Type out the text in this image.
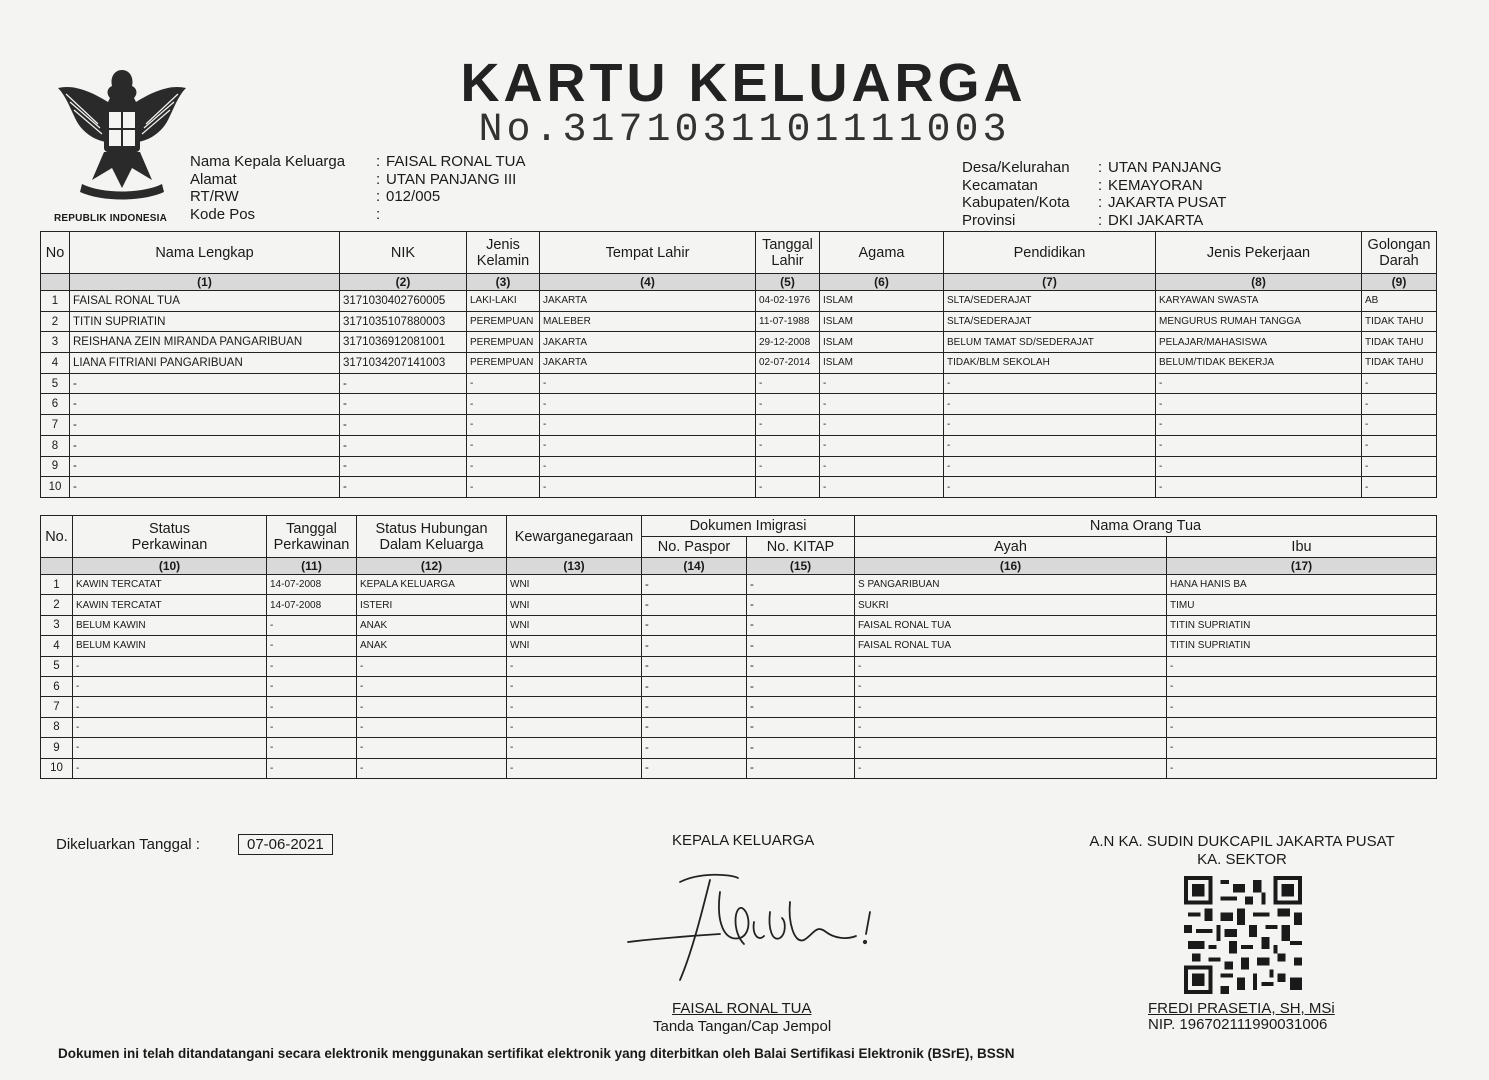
REPUBLIK INDONESIA
KARTU KELUARGA
No.3171031101111003
Nama Kepala Keluarga	: FAISAL RONAL TUA
Alamat	: UTAN PANJANG III
RT/RW	: 012/005
Kode Pos	:
Desa/Kelurahan	: UTAN PANJANG
Kecamatan	: KEMAYORAN
Kabupaten/Kota	: JAKARTA PUSAT
Provinsi	: DKI JAKARTA
No	Nama Lengkap	NIK	Jenis Kelamin	Tempat Lahir	Tanggal Lahir	Agama	Pendidikan	Jenis Pekerjaan	Golongan Darah
	(1)	(2)	(3)	(4)	(5)	(6)	(7)	(8)	(9)
1	FAISAL RONAL TUA	3171030402760005	LAKI-LAKI	JAKARTA	04-02-1976	ISLAM	SLTA/SEDERAJAT	KARYAWAN SWASTA	AB
2	TITIN SUPRIATIN	3171035107880003	PEREMPUAN	MALEBER	11-07-1988	ISLAM	SLTA/SEDERAJAT	MENGURUS RUMAH TANGGA	TIDAK TAHU
3	REISHANA ZEIN MIRANDA PANGARIBUAN	3171036912081001	PEREMPUAN	JAKARTA	29-12-2008	ISLAM	BELUM TAMAT SD/SEDERAJAT	PELAJAR/MAHASISWA	TIDAK TAHU
4	LIANA FITRIANI PANGARIBUAN	3171034207141003	PEREMPUAN	JAKARTA	02-07-2014	ISLAM	TIDAK/BLM SEKOLAH	BELUM/TIDAK BEKERJA	TIDAK TAHU
5	-	-	-	-	-	-	-	-	-
6	-	-	-	-	-	-	-	-	-
7	-	-	-	-	-	-	-	-	-
8	-	-	-	-	-	-	-	-	-
9	-	-	-	-	-	-	-	-	-
10	-	-	-	-	-	-	-	-	-
No.	Status Perkawinan	Tanggal Perkawinan	Status Hubungan Dalam Keluarga	Kewarganegaraan	Dokumen Imigrasi		Nama Orang Tua	
					No. Paspor	No. KITAP	Ayah	Ibu
	(10)	(11)	(12)	(13)	(14)	(15)	(16)	(17)
1	KAWIN TERCATAT	14-07-2008	KEPALA KELUARGA	WNI	-	-	S PANGARIBUAN	HANA HANIS BA
2	KAWIN TERCATAT	14-07-2008	ISTERI	WNI	-	-	SUKRI	TIMU
3	BELUM KAWIN	-	ANAK	WNI	-	-	FAISAL RONAL TUA	TITIN SUPRIATIN
4	BELUM KAWIN	-	ANAK	WNI	-	-	FAISAL RONAL TUA	TITIN SUPRIATIN
5	-	-	-	-	-	-	-	-
6	-	-	-	-	-	-	-	-
7	-	-	-	-	-	-	-	-
8	-	-	-	-	-	-	-	-
9	-	-	-	-	-	-	-	-
10	-	-	-	-	-	-	-	-
Dikeluarkan Tanggal :	07-06-2021	KEPALA KELUARGA
FAISAL RONAL TUA
Tanda Tangan/Cap Jempol
A.N KA. SUDIN DUKCAPIL JAKARTA PUSAT
KA. SEKTOR
FREDI PRASETIA, SH, MSi
NIP. 196702111990031006
Dokumen ini telah ditandatangani secara elektronik menggunakan sertifikat elektronik yang diterbitkan oleh Balai Sertifikasi Elektronik (BSrE), BSSN
